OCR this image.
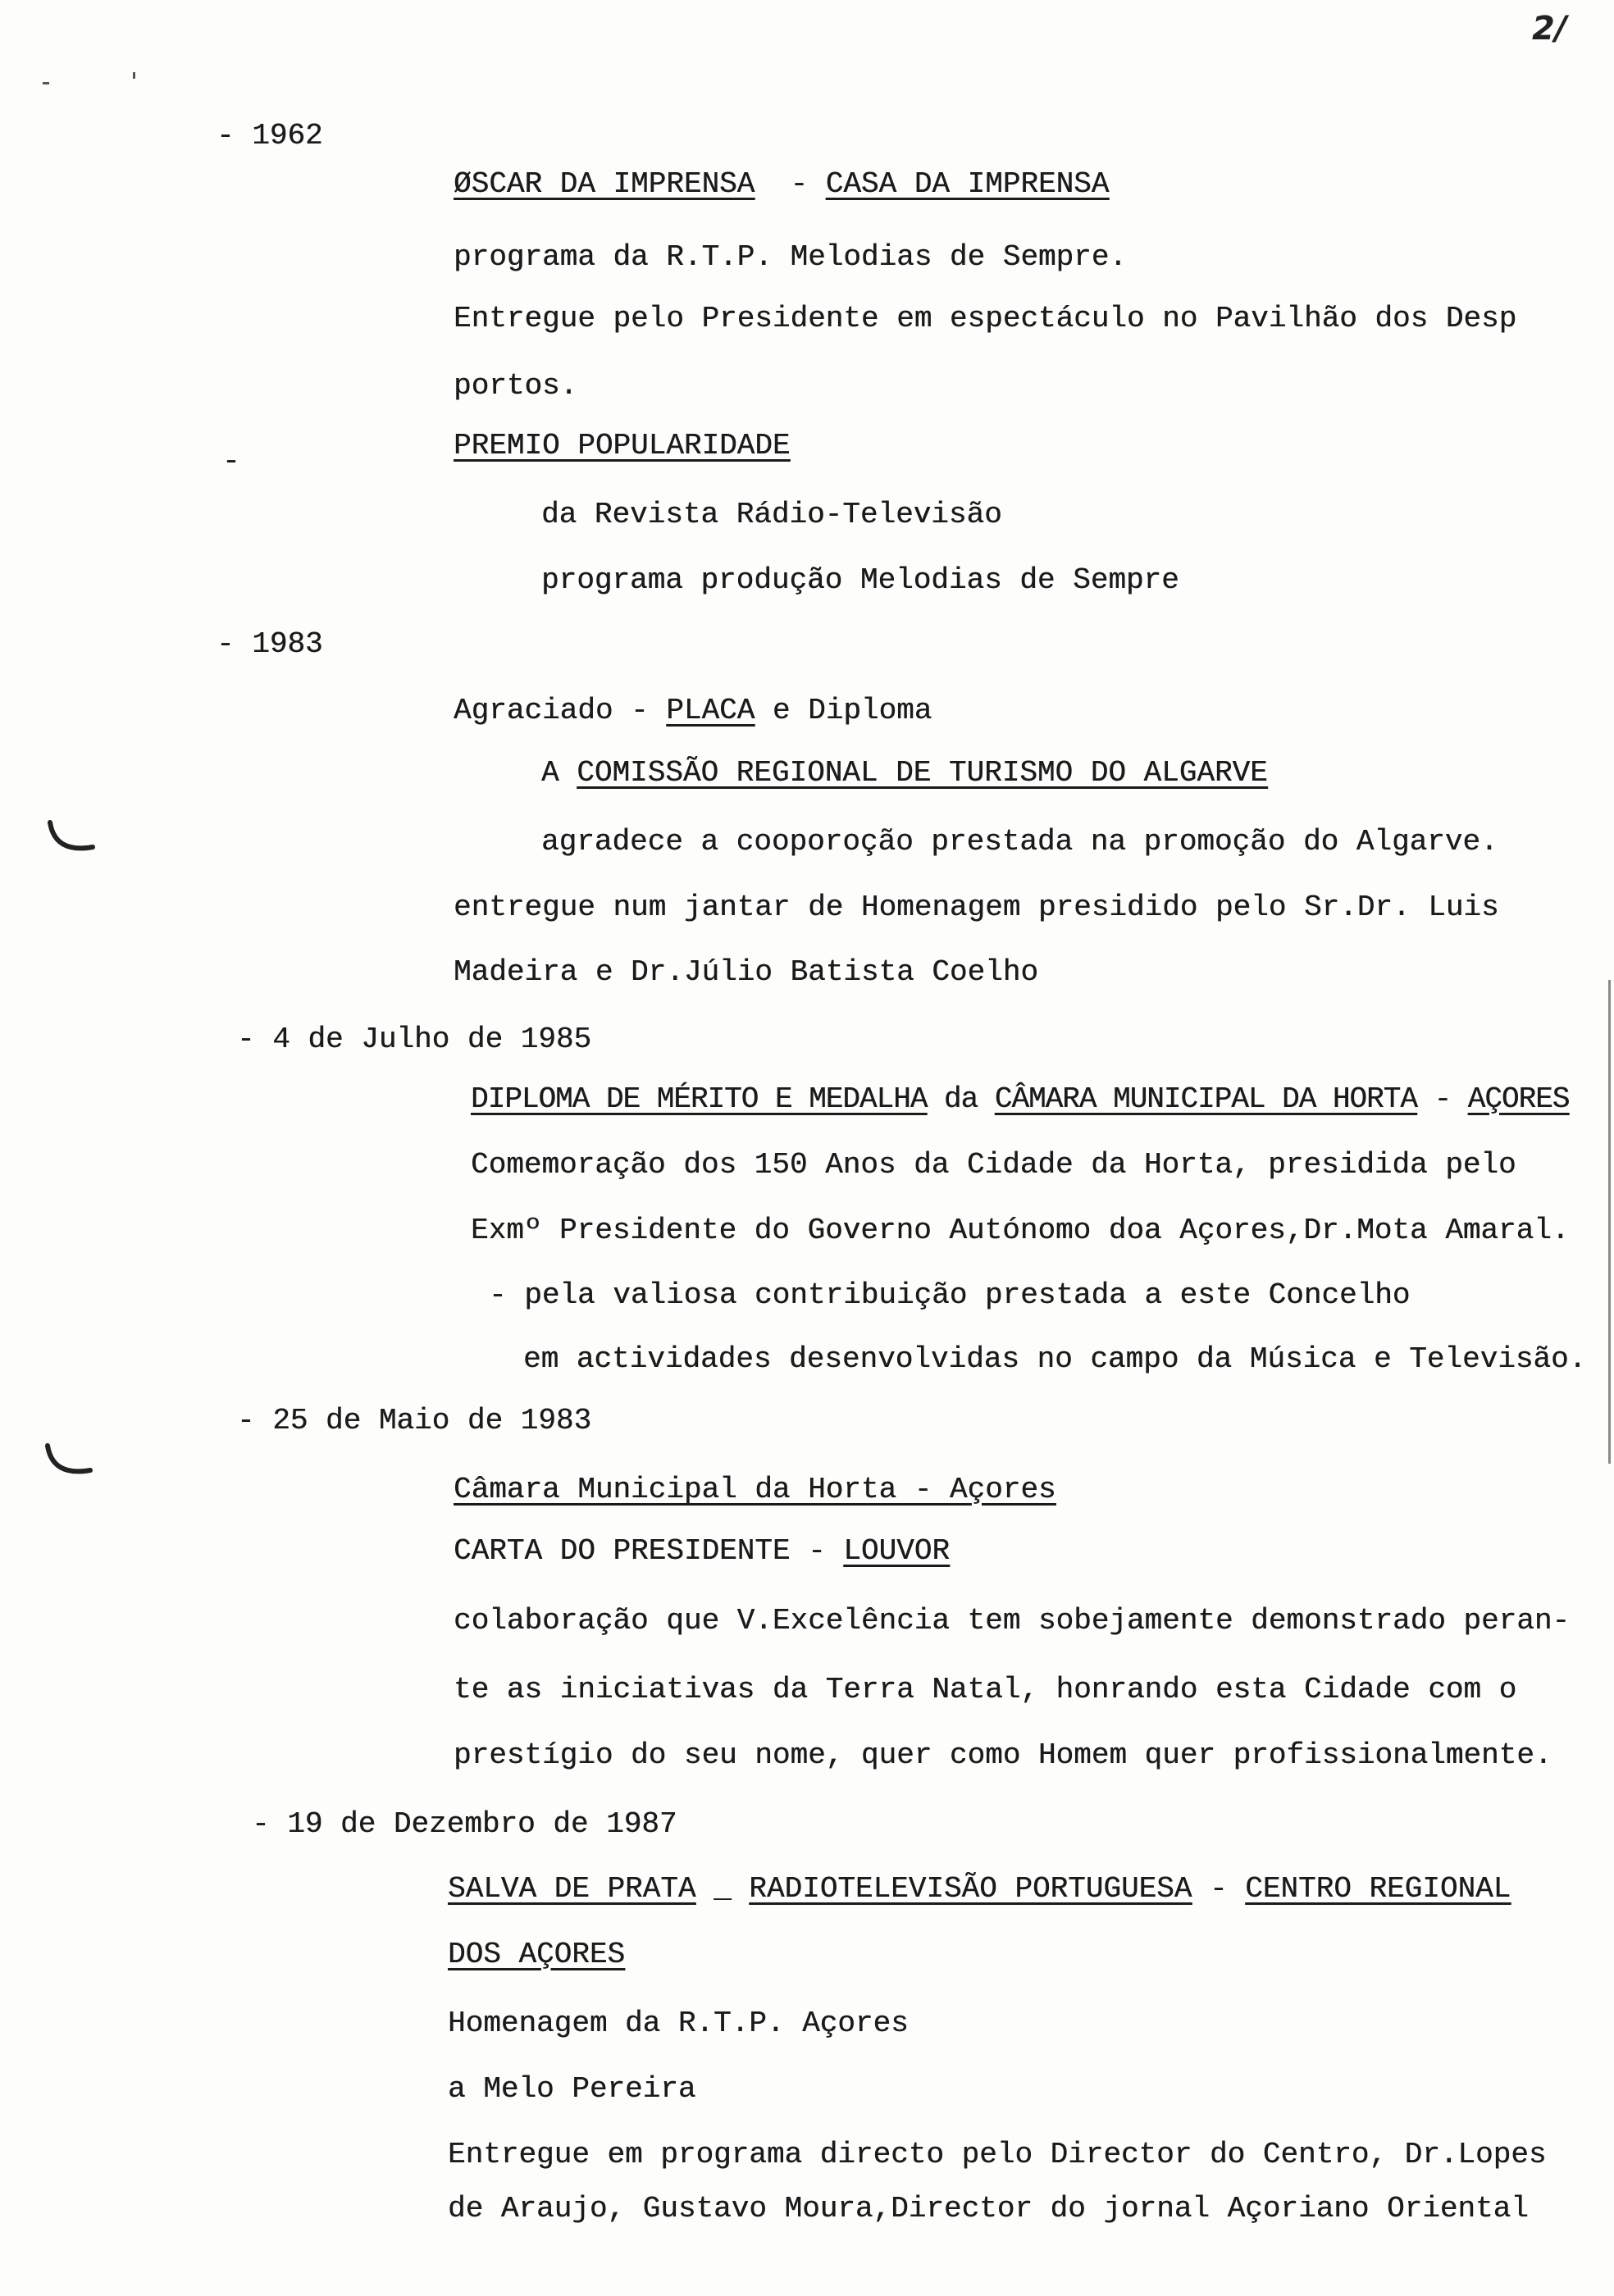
2/
- 1962
ØSCAR DA IMPRENSA - CASA DA IMPRENSA
programa da R.T.P. Melodias de Sempre.
Entregue pelo Presidente em espectáculo no Pavilhão dos Desp
portos.
-	PREMIO POPULARIDADE
da Revista Rádio-Televisão
programa produção Melodias de Sempre
- 1983
Agraciado - PLACA e Diploma
A COMISSÃO REGIONAL DE TURISMO DO ALGARVE
agradece a cooporoção prestada na promoção do Algarve.
entregue num jantar de Homenagem presidido pelo Sr.Dr. Luis
Madeira e Dr.Júlio Batista Coelho
- 4 de Julho de 1985
DIPLOMA DE MÉRITO E MEDALHA da CÂMARA MUNICIPAL DA HORTA - AÇORES
Comemoração dos 150 Anos da Cidade da Horta, presidida pelo
Exmº Presidente do Governo Autónomo doa Açores,Dr.Mota Amaral.
- pela valiosa contribuição prestada a este Concelho
em actividades desenvolvidas no campo da Música e Televisão.
- 25 de Maio de 1983
Câmara Municipal da Horta - Açores
CARTA DO PRESIDENTE - LOUVOR
colaboração que V.Excelência tem sobejamente demonstrado peran-
te as iniciativas da Terra Natal, honrando esta Cidade com o
prestígio do seu nome, quer como Homem quer profissionalmente.
- 19 de Dezembro de 1987
SALVA DE PRATA _ RADIOTELEVISÃO PORTUGUESA - CENTRO REGIONAL
DOS AÇORES
Homenagem da R.T.P. Açores
a Melo Pereira
Entregue em programa directo pelo Director do Centro, Dr.Lopes
de Araujo, Gustavo Moura,Director do jornal Açoriano Oriental
